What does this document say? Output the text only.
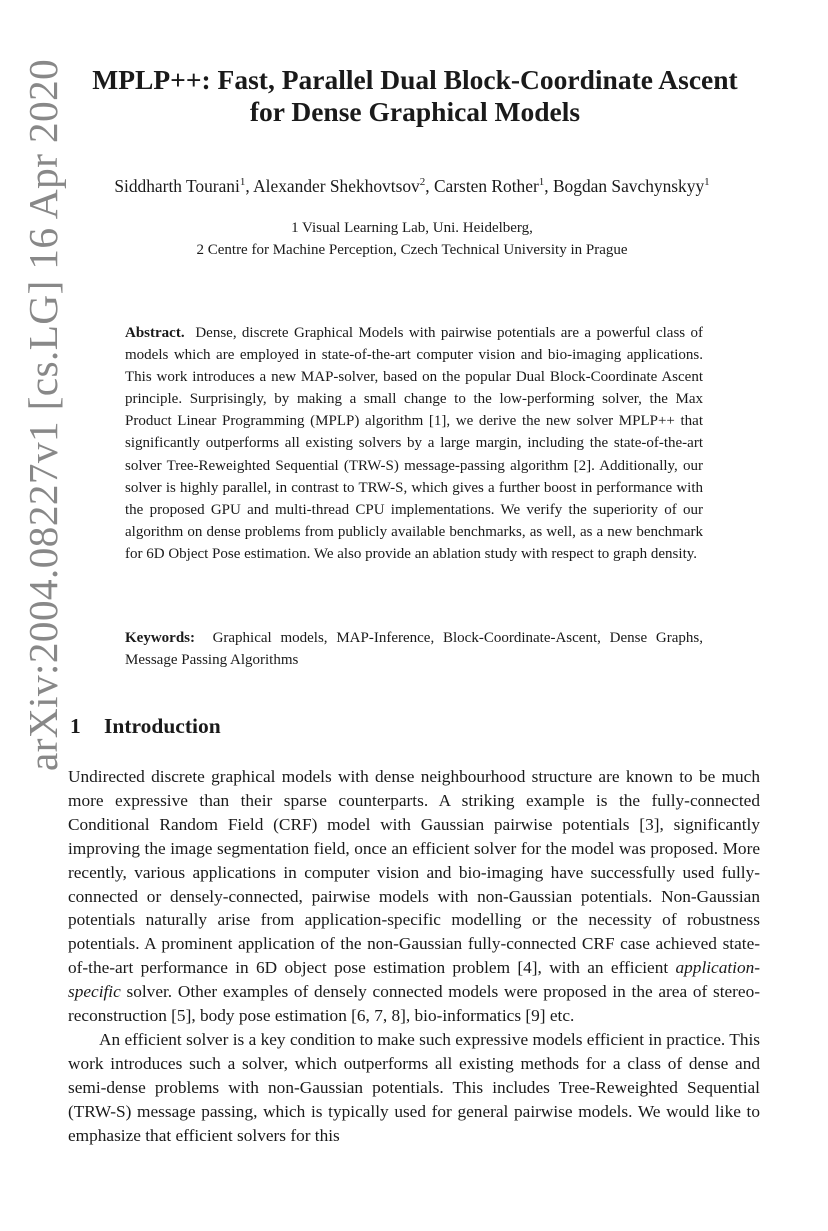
arXiv:2004.08227v1 [cs.LG] 16 Apr 2020 MPLP++: Fast, Parallel Dual Block-Coordinate Ascent
for Dense Graphical Models
Siddharth Tourani$^1$, Alexander Shekhovtsov$^2$, Carsten Rother$^1$, Bogdan Savchynskyy$^1$
1 Visual Learning Lab, Uni. Heidelberg,
2 Centre for Machine Perception, Czech Technical University in Prague
Abstract. Dense, discrete Graphical Models with pairwise potentials are a powerful class of models which are employed in state-of-the-art computer vision and bio-imaging applications. This work introduces a new MAP-solver, based on the popular Dual Block-Coordinate Ascent principle. Surprisingly, by making a small change to the low-performing solver, the Max Product Linear Programming (MPLP) algorithm [1], we derive the new solver MPLP++ that significantly outperforms all existing solvers by a large margin, including the state-of-the-art solver Tree-Reweighted Sequential (TRW-S) message-passing algorithm [2]. Additionally, our solver is highly parallel, in contrast to TRW-S, which gives a further boost in performance with the proposed GPU and multi-thread CPU implementations. We verify the superiority of our algorithm on dense problems from publicly available benchmarks, as well, as a new benchmark for 6D Object Pose estimation. We also provide an ablation study with respect to graph density.
Keywords: Graphical models, MAP-Inference, Block-Coordinate-Ascent, Dense Graphs, Message Passing Algorithms
1 Introduction

Undirected discrete graphical models with dense neighbourhood structure are known to be much more expressive than their sparse counterparts. A striking example is the fully-connected Conditional Random Field (CRF) model with Gaussian pairwise potentials [3], significantly improving the image segmentation field, once an efficient solver for the model was proposed. More recently, various applications in computer vision and bio-imaging have successfully used fully-connected or densely-connected, pairwise models with non-Gaussian potentials. Non-Gaussian potentials naturally arise from application-specific modelling or the necessity of robustness potentials. A prominent application of the non-Gaussian fully-connected CRF case achieved state-of-the-art performance in 6D object pose estimation problem [4], with an efficient application-specific solver. Other examples of densely connected models were proposed in the area of stereo-reconstruction [5], body pose estimation [6, 7, 8], bio-informatics [9] etc.

An efficient solver is a key condition to make such expressive models efficient in practice. This work introduces such a solver, which outperforms all existing methods for a class of dense and semi-dense problems with non-Gaussian potentials. This includes Tree-Reweighted Sequential (TRW-S) message passing, which is typically used for general pairwise models. We would like to emphasize that efficient solvers for this
